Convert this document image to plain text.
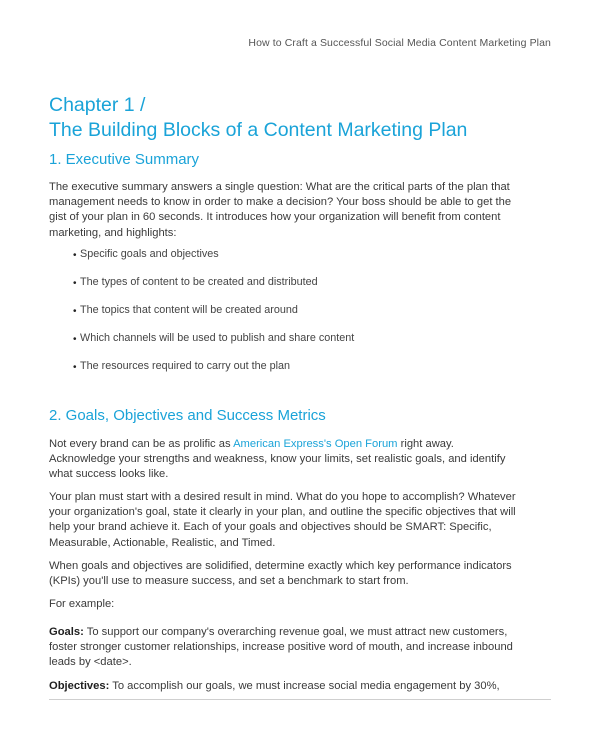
How to Craft a Successful Social Media Content Marketing Plan
Chapter 1 /
The Building Blocks of a Content Marketing Plan
1. Executive Summary

The executive summary answers a single question: What are the critical parts of the plan that management needs to know in order to make a decision? Your boss should be able to get the gist of your plan in 60 seconds. It introduces how your organization will benefit from content marketing, and highlights:

• Specific goals and objectives
• The types of content to be created and distributed
• The topics that content will be created around
• Which channels will be used to publish and share content
• The resources required to carry out the plan
2. Goals, Objectives and Success Metrics

Not every brand can be as prolific as American Express's Open Forum right away. Acknowledge your strengths and weakness, know your limits, set realistic goals, and identify what success looks like.

Your plan must start with a desired result in mind. What do you hope to accomplish? Whatever your organization's goal, state it clearly in your plan, and outline the specific objectives that will help your brand achieve it. Each of your goals and objectives should be SMART: Specific, Measurable, Actionable, Realistic, and Timed.

When goals and objectives are solidified, determine exactly which key performance indicators (KPIs) you'll use to measure success, and set a benchmark to start from.

For example:

Goals: To support our company's overarching revenue goal, we must attract new customers, foster stronger customer relationships, increase positive word of mouth, and increase inbound leads by <date>.

Objectives: To accomplish our goals, we must increase social media engagement by 30%,
